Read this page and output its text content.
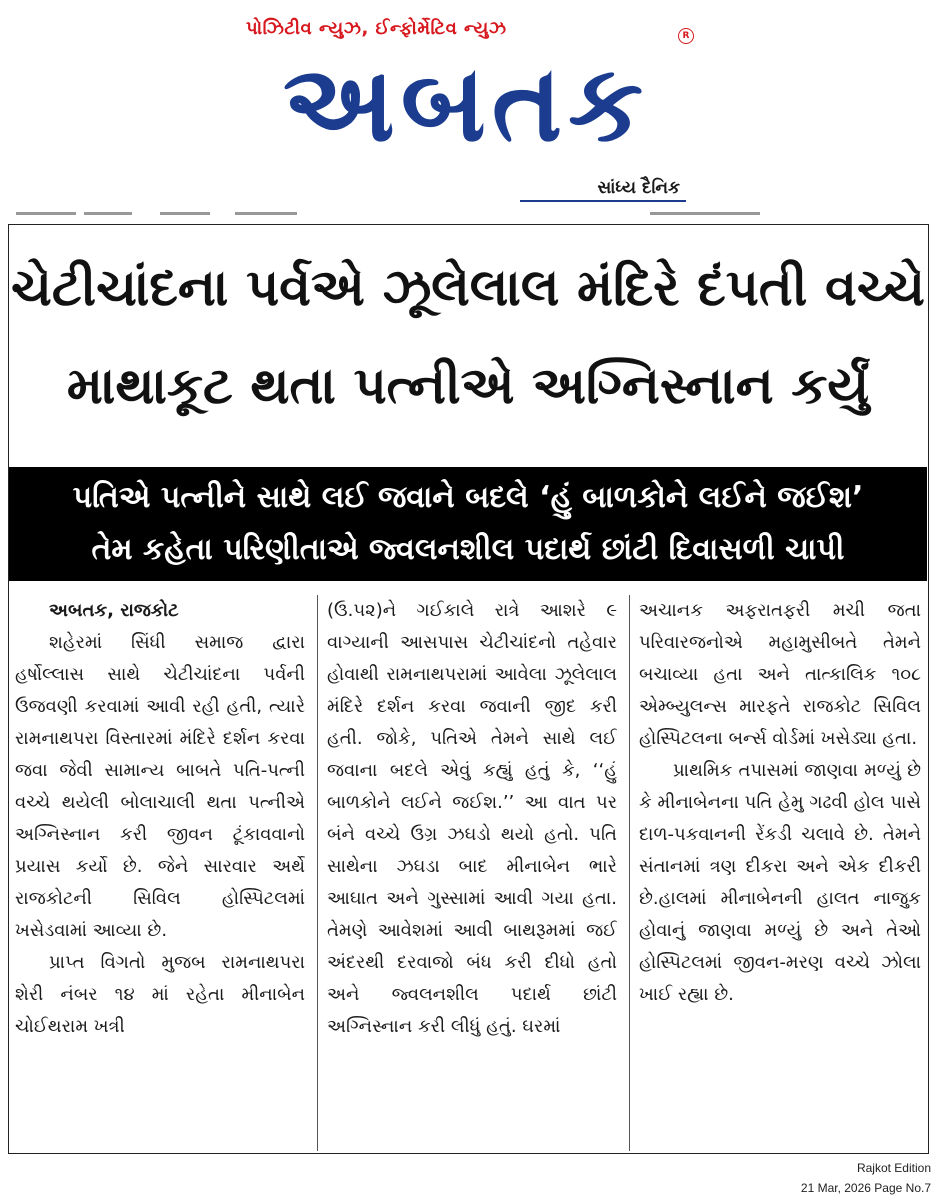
પોઝિટીવ ન્યુઝ, ઈન્ફોર્મેટિવ ન્યુઝ
અબતક
R
સાંધ્ય દૈનિક
ચેટીચાંદના પર્વએ ઝૂલેલાલ મંદિરે દંપતી વચ્ચે
માથાકૂટ થતા પત્નીએ અગ્નિસ્નાન કર્યું
પતિએ પત્નીને સાથે લઈ જવાને બદલે ‘હું બાળકોને લઈને જઈશ’
તેમ કહેતા પરિણીતાએ જ્વલનશીલ પદાર્થ છાંટી દિવાસળી ચાપી
અબતક, રાજકોટ

શહેરમાં સિંધી સમાજ દ્વારા હર્ષોલ્લાસ સાથે ચેટીચાંદના પર્વની ઉજવણી કરવામાં આવી રહી હતી, ત્યારે રામનાથપરા વિસ્તારમાં મંદિરે દર્શન કરવા જવા જેવી સામાન્ય બાબતે પતિ-પત્ની વચ્ચે થયેલી બોલાચાલી થતા પત્નીએ અગ્નિસ્નાન કરી જીવન ટૂંકાવવાનો પ્રયાસ કર્યો છે. જેને સારવાર અર્થે રાજકોટની સિવિલ હોસ્પિટલમાં ખસેડવામાં આવ્યા છે.

પ્રાપ્ત વિગતો મુજબ રામનાથપરા શેરી નંબર ૧૪ માં રહેતા મીનાબેન ચોઈથરામ ખત્રી

(ઉ.૫૨)ને ગઈકાલે રાત્રે આશરે ૯ વાગ્યાની આસપાસ ચેટીચાંદનો તહેવાર હોવાથી રામનાથપરામાં આવેલા ઝૂલેલાલ મંદિરે દર્શન કરવા જવાની જીદ કરી હતી. જોકે, પતિએ તેમને સાથે લઈ જવાના બદલે એવું કહ્યું હતું કે, ‘‘હું બાળકોને લઈને જઈશ.’’ આ વાત પર બંને વચ્ચે ઉગ્ર ઝઘડો થયો હતો. પતિ સાથેના ઝઘડા બાદ મીનાબેન ભારે આઘાત અને ગુસ્સામાં આવી ગયા હતા. તેમણે આવેશમાં આવી બાથરૂમમાં જઈ અંદરથી દરવાજો બંધ કરી દીધો હતો અને જ્વલનશીલ પદાર્થ છાંટી અગ્નિસ્નાન કરી લીધું હતું. ઘરમાં

અચાનક અફરાતફરી મચી જતા પરિવારજનોએ મહામુસીબતે તેમને બચાવ્યા હતા અને તાત્કાલિક ૧૦૮ એમ્બ્યુલન્સ મારફતે રાજકોટ સિવિલ હોસ્પિટલના બર્ન્સ વોર્ડમાં ખસેડ્યા હતા.

પ્રાથમિક તપાસમાં જાણવા મળ્યું છે કે મીનાબેનના પતિ હેમુ ગઢવી હોલ પાસે દાળ-પકવાનની રેંકડી ચલાવે છે. તેમને સંતાનમાં ત્રણ દીકરા અને એક દીકરી છે.હાલમાં મીનાબેનની હાલત નાજુક હોવાનું જાણવા મળ્યું છે અને તેઓ હોસ્પિટલમાં જીવન-મરણ વચ્ચે ઝોલા ખાઈ રહ્યા છે.

Rajkot Edition
21 Mar, 2026 Page No.7
